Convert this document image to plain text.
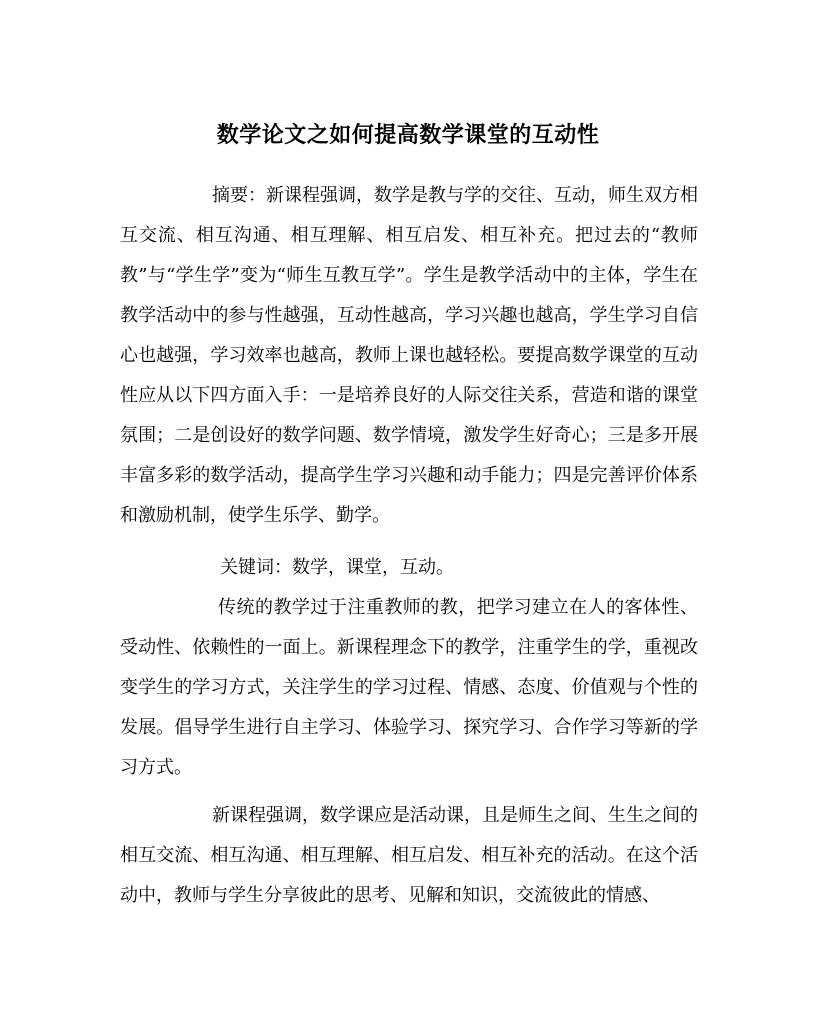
数学论文之如何提高数学课堂的互动性

摘要：新课程强调，数学是教与学的交往、互动，师生双方相互交流、相互沟通、相互理解、相互启发、相互补充。把过去的“教师教”与“学生学”变为“师生互教互学”。学生是教学活动中的主体，学生在教学活动中的参与性越强，互动性越高，学习兴趣也越高，学生学习自信心也越强，学习效率也越高，教师上课也越轻松。要提高数学课堂的互动性应从以下四方面入手：一是培养良好的人际交往关系，营造和谐的课堂氛围；二是创设好的数学问题、数学情境，激发学生好奇心；三是多开展丰富多彩的数学活动，提高学生学习兴趣和动手能力；四是完善评价体系和激励机制，使学生乐学、勤学。

关键词：数学，课堂，互动。

传统的教学过于注重教师的教，把学习建立在人的客体性、受动性、依赖性的一面上。新课程理念下的教学，注重学生的学，重视改变学生的学习方式，关注学生的学习过程、情感、态度、价值观与个性的发展。倡导学生进行自主学习、体验学习、探究学习、合作学习等新的学习方式。

新课程强调，数学课应是活动课，且是师生之间、生生之间的相互交流、相互沟通、相互理解、相互启发、相互补充的活动。在这个活动中，教师与学生分享彼此的思考、见解和知识，交流彼此的情感、
